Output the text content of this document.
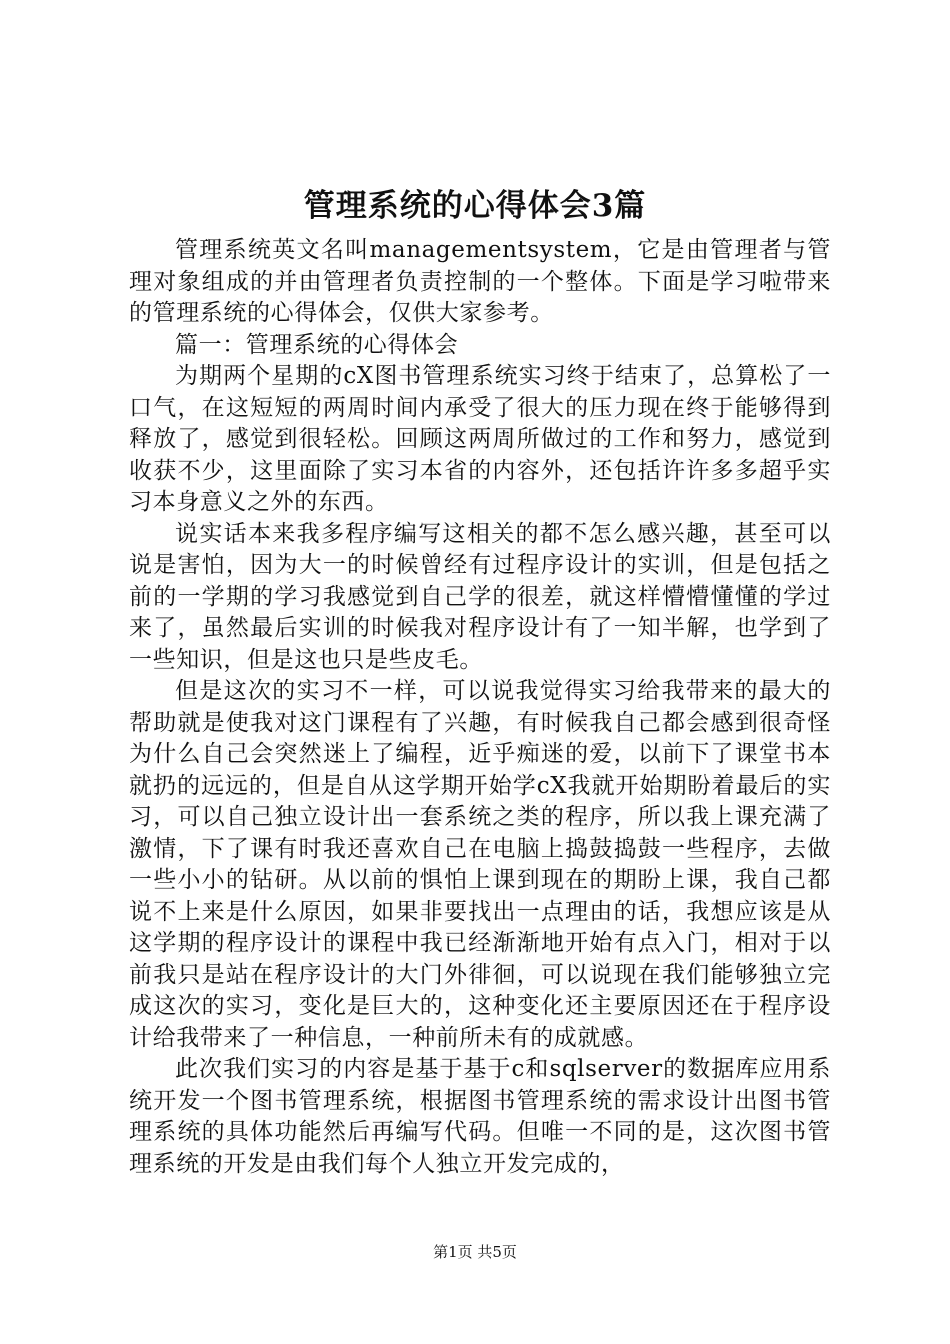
管理系统的心得体会3篇

管理系统英文名叫managementsystem，它是由管理者与管理对象组成的并由管理者负责控制的一个整体。下面是学习啦带来的管理系统的心得体会，仅供大家参考。

篇一：管理系统的心得体会

为期两个星期的cX图书管理系统实习终于结束了，总算松了一口气，在这短短的两周时间内承受了很大的压力现在终于能够得到释放了，感觉到很轻松。回顾这两周所做过的工作和努力，感觉到收获不少，这里面除了实习本省的内容外，还包括许许多多超乎实习本身意义之外的东西。

说实话本来我多程序编写这相关的都不怎么感兴趣，甚至可以说是害怕，因为大一的时候曾经有过程序设计的实训，但是包括之前的一学期的学习我感觉到自己学的很差，就这样懵懵懂懂的学过来了，虽然最后实训的时候我对程序设计有了一知半解，也学到了一些知识，但是这也只是些皮毛。

但是这次的实习不一样，可以说我觉得实习给我带来的最大的帮助就是使我对这门课程有了兴趣，有时候我自己都会感到很奇怪为什么自己会突然迷上了编程，近乎痴迷的爱，以前下了课堂书本就扔的远远的，但是自从这学期开始学cX我就开始期盼着最后的实习，可以自己独立设计出一套系统之类的程序，所以我上课充满了激情，下了课有时我还喜欢自己在电脑上捣鼓捣鼓一些程序，去做一些小小的钻研。从以前的惧怕上课到现在的期盼上课，我自己都说不上来是什么原因，如果非要找出一点理由的话，我想应该是从这学期的程序设计的课程中我已经渐渐地开始有点入门，相对于以前我只是站在程序设计的大门外徘徊，可以说现在我们能够独立完成这次的实习，变化是巨大的，这种变化还主要原因还在于程序设计给我带来了一种信息，一种前所未有的成就感。

此次我们实习的内容是基于基于c和sqlserver的数据库应用系统开发一个图书管理系统，根据图书管理系统的需求设计出图书管理系统的具体功能然后再编写代码。但唯一不同的是，这次图书管理系统的开发是由我们每个人独立开发完成的，

第1页 共5页
